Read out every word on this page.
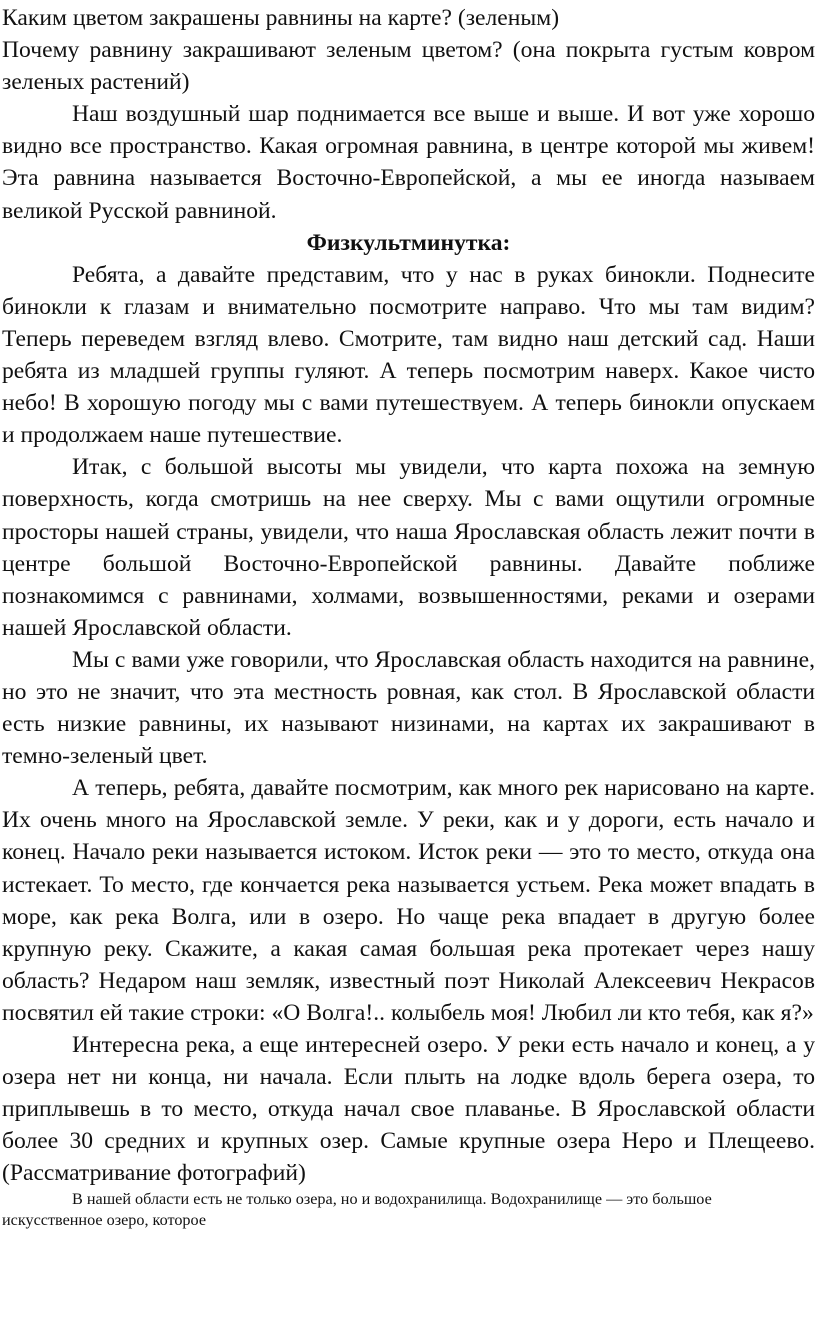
Каким цветом закрашены равнины на карте? (зеленым)

Почему равнину закрашивают зеленым цветом? (она покрыта густым ковром зеленых растений)

Наш воздушный шар поднимается все выше и выше. И вот уже хорошо видно все пространство. Какая огромная равнина, в центре которой мы живем! Эта равнина называется Восточно-Европейской, а мы ее иногда называем великой Русской равниной.

Физкультминутка:

Ребята, а давайте представим, что у нас в руках бинокли. Поднесите бинокли к глазам и внимательно посмотрите направо. Что мы там видим? Теперь переведем взгляд влево. Смотрите, там видно наш детский сад. Наши ребята из младшей группы гуляют. А теперь посмотрим наверх. Какое чисто небо! В хорошую погоду мы с вами путешествуем. А теперь бинокли опускаем и продолжаем наше путешествие.

Итак, с большой высоты мы увидели, что карта похожа на земную поверхность, когда смотришь на нее сверху. Мы с вами ощутили огромные просторы нашей страны, увидели, что наша Ярославская область лежит почти в центре большой Восточно-Европейской равнины. Давайте поближе познакомимся с равнинами, холмами, возвышенностями, реками и озерами нашей Ярославской области.

Мы с вами уже говорили, что Ярославская область находится на равнине, но это не значит, что эта местность ровная, как стол. В Ярославской области есть низкие равнины, их называют низинами, на картах их закрашивают в темно-зеленый цвет.

А теперь, ребята, давайте посмотрим, как много рек нарисовано на карте. Их очень много на Ярославской земле. У реки, как и у дороги, есть начало и конец. Начало реки называется истоком. Исток реки — это то место, откуда она истекает. То место, где кончается река называется устьем. Река может впадать в море, как река Волга, или в озеро. Но чаще река впадает в другую более крупную реку. Скажите, а какая самая большая река протекает через нашу область? Недаром наш земляк, известный поэт Николай Алексеевич Некрасов посвятил ей такие строки: «О Волга!.. колыбель моя! Любил ли кто тебя, как я?»

Интересна река, а еще интересней озеро. У реки есть начало и конец, а у озера нет ни конца, ни начала. Если плыть на лодке вдоль берега озера, то приплывешь в то место, откуда начал свое плаванье. В Ярославской области более 30 средних и крупных озер. Самые крупные озера Неро и Плещеево. (Рассматривание фотографий)

В нашей области есть не только озера, но и водохранилища. Водохранилище — это большое искусственное озеро, которое
